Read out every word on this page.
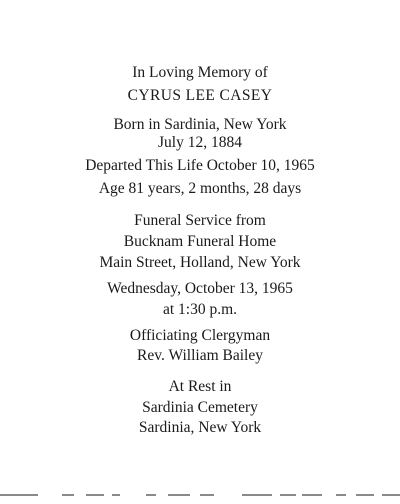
In Loving Memory of
CYRUS LEE CASEY
Born in Sardinia, New York
July 12, 1884
Departed This Life October 10, 1965
Age 81 years, 2 months, 28 days
Funeral Service from
Bucknam Funeral Home
Main Street, Holland, New York
Wednesday, October 13, 1965
at 1:30 p.m.
Officiating Clergyman
Rev. William Bailey
At Rest in
Sardinia Cemetery
Sardinia, New York
